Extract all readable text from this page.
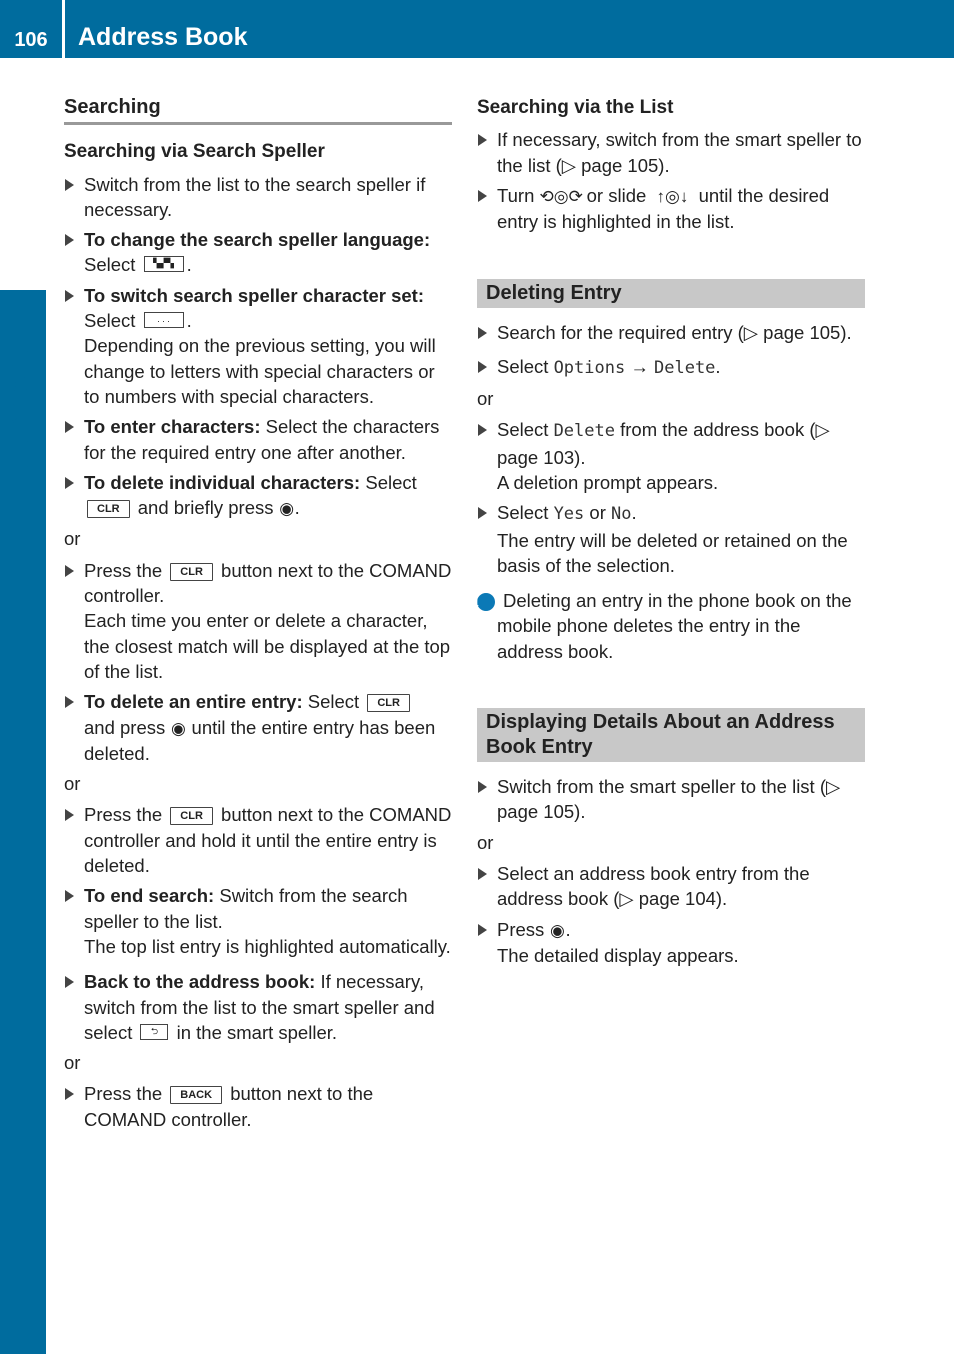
106	Address Book
Telephone
Searching
Searching via Search Speller
Switch from the list to the search speller if necessary.
To change the search speller language:
Select ▚▞▚ .
To switch search speller character set:
Select . . . .
Depending on the previous setting, you will change to letters with special characters or to numbers with special characters.
To enter characters: Select the characters for the required entry one after another.
To delete individual characters: Select
CLR and briefly press ◉.
or
Press the CLR button next to the COMAND controller.
Each time you enter or delete a character, the closest match will be displayed at the top of the list.
To delete an entire entry: Select CLR
and press ◉ until the entire entry has been deleted.
or
Press the CLR button next to the COMAND controller and hold it until the entire entry is deleted.
To end search: Switch from the search speller to the list.
The top list entry is highlighted automatically.
Back to the address book: If necessary, switch from the list to the smart speller and select ⮌ in the smart speller.
or
Press the BACK button next to the COMAND controller.
Searching via the List
If necessary, switch from the smart speller to the list (▷ page 105).
Turn ⟲◎⟳ or slide ↑◎↓ until the desired entry is highlighted in the list.
Deleting Entry
Search for the required entry (▷ page 105).
Select Options → Delete.
or
Select Delete from the address book (▷ page 103).
A deletion prompt appears.
Select Yes or No.
The entry will be deleted or retained on the basis of the selection.
i Deleting an entry in the phone book on the mobile phone deletes the entry in the address book.
Displaying Details About an Address Book Entry
Switch from the smart speller to the list (▷ page 105).
or
Select an address book entry from the address book (▷ page 104).
Press ◉.
The detailed display appears.
